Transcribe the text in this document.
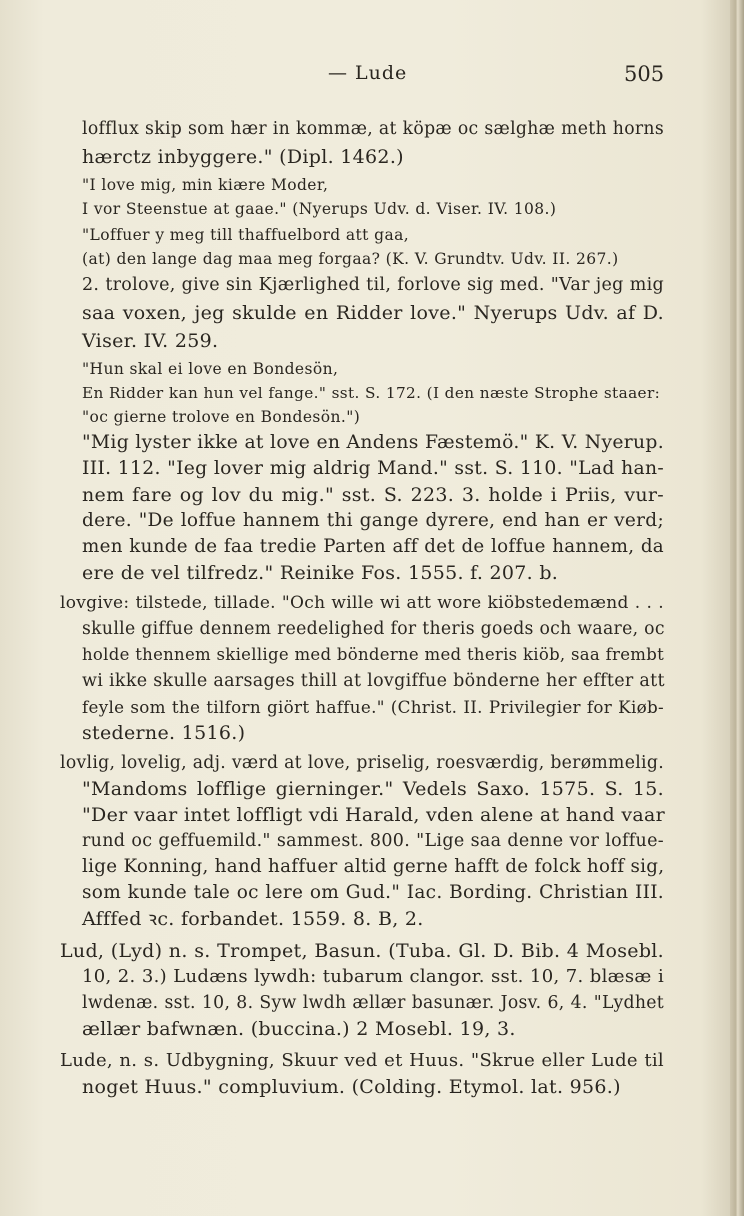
— Lude	505
lofflux skip som hær in kommæ, at köpæ oc sælghæ meth horns
hærctz inbyggere." (Dipl. 1462.)
"I love mig, min kiære Moder,
I vor Steenstue at gaae." (Nyerups Udv. d. Viser. IV. 108.)
"Loffuer y meg till thaffuelbord att gaa,
(at) den lange dag maa meg forgaa? (K. V. Grundtv. Udv. II. 267.)
2. trolove, give sin Kjærlighed til, forlove sig med. "Var jeg mig
saa voxen, jeg skulde en Ridder love." Nyerups Udv. af D.
Viser. IV. 259.
"Hun skal ei love en Bondesön,
En Ridder kan hun vel fange." sst. S. 172. (I den næste Strophe staaer:
"oc gierne trolove en Bondesön.")
"Mig lyster ikke at love en Andens Fæstemö." K. V. Nyerup.
III. 112. "Ieg lover mig aldrig Mand." sst. S. 110. "Lad han-
nem fare og lov du mig." sst. S. 223. 3. holde i Priis, vur-
dere. "De loffue hannem thi gange dyrere, end han er verd;
men kunde de faa tredie Parten aff det de loffue hannem, da
ere de vel tilfredz." Reinike Fos. 1555. f. 207. b.
lovgive: tilstede, tillade. "Och wille wi att wore kiöbstedemænd . . .
skulle giffue dennem reedelighed for theris goeds och waare, oc
holde thennem skiellige med bönderne med theris kiöb, saa frembt
wi ikke skulle aarsages thill at lovgiffue bönderne her effter att
feyle som the tilforn giört haffue." (Christ. II. Privilegier for Kiøb-
stederne. 1516.)
lovlig, lovelig, adj. værd at love, priselig, roesværdig, berømmelig.
"Mandoms loffligе gierninger." Vedels Saxo. 1575. S. 15.
"Der vaar intet loffligt vdi Harald, vden alene at hand vaar
rund oc geffuemild." sammest. 800. "Lige saa denne vor loffue-
lige Konning, hand haffuer altid gerne hafft de folck hoff sig,
som kunde tale oc lere om Gud." Iac. Bording. Christian III.
Afffed ꝛc. forbandet. 1559. 8. B, 2.
Lud, (Lyd) n. s. Trompet, Basun. (Tuba. Gl. D. Bib. 4 Mosebl.
10, 2. 3.) Ludæns lywdh: tubarum clangor. sst. 10, 7. blæsæ i
lwdenæ. sst. 10, 8. Syw lwdh ællær basunær. Josv. 6, 4. "Lydhet
ællær bafwnæn. (buccina.) 2 Mosebl. 19, 3.
Lude, n. s. Udbygning, Skuur ved et Huus. "Skrue eller Lude til
noget Huus." compluvium. (Colding. Etymol. lat. 956.)
